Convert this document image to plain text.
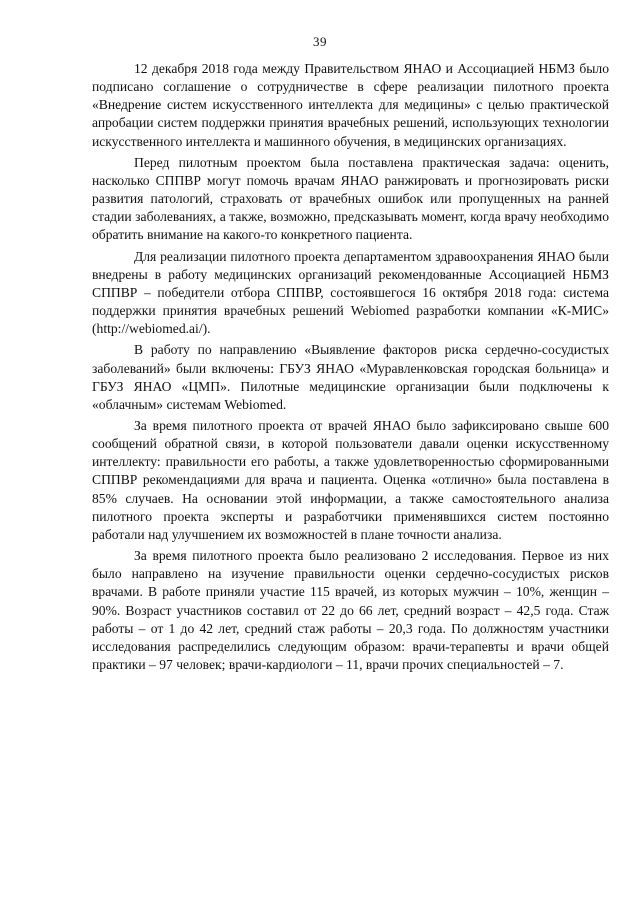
39

12 декабря 2018 года между Правительством ЯНАО и Ассоциацией НБМЗ было подписано соглашение о сотрудничестве в сфере реализации пилотного проекта «Внедрение систем искусственного интеллекта для медицины» с целью практической апробации систем поддержки принятия врачебных решений, использующих технологии искусственного интеллекта и машинного обучения, в медицинских организациях.

Перед пилотным проектом была поставлена практическая задача: оценить, насколько СППВР могут помочь врачам ЯНАО ранжировать и прогнозировать риски развития патологий, страховать от врачебных ошибок или пропущенных на ранней стадии заболеваниях, а также, возможно, предсказывать момент, когда врачу необходимо обратить внимание на какого-то конкретного пациента.

Для реализации пилотного проекта департаментом здравоохранения ЯНАО были внедрены в работу медицинских организаций рекомендованные Ассоциацией НБМЗ СППВР – победители отбора СППВР, состоявшегося 16 октября 2018 года: система поддержки принятия врачебных решений Webiomed разработки компании «К-МИС» (http://webiomed.ai/).

В работу по направлению «Выявление факторов риска сердечно-сосудистых заболеваний» были включены: ГБУЗ ЯНАО «Муравленковская городская больница» и ГБУЗ ЯНАО «ЦМП». Пилотные медицинские организации были подключены к «облачным» системам Webiomed.

За время пилотного проекта от врачей ЯНАО было зафиксировано свыше 600 сообщений обратной связи, в которой пользователи давали оценки искусственному интеллекту: правильности его работы, а также удовлетворенностью сформированными СППВР рекомендациями для врача и пациента. Оценка «отлично» была поставлена в 85% случаев. На основании этой информации, а также самостоятельного анализа пилотного проекта эксперты и разработчики применявшихся систем постоянно работали над улучшением их возможностей в плане точности анализа.

За время пилотного проекта было реализовано 2 исследования. Первое из них было направлено на изучение правильности оценки сердечно-сосудистых рисков врачами. В работе приняли участие 115 врачей, из которых мужчин – 10%, женщин – 90%. Возраст участников составил от 22 до 66 лет, средний возраст – 42,5 года. Стаж работы – от 1 до 42 лет, средний стаж работы – 20,3 года. По должностям участники исследования распределились следующим образом: врачи-терапевты и врачи общей практики – 97 человек; врачи-кардиологи – 11, врачи прочих специальностей – 7.
